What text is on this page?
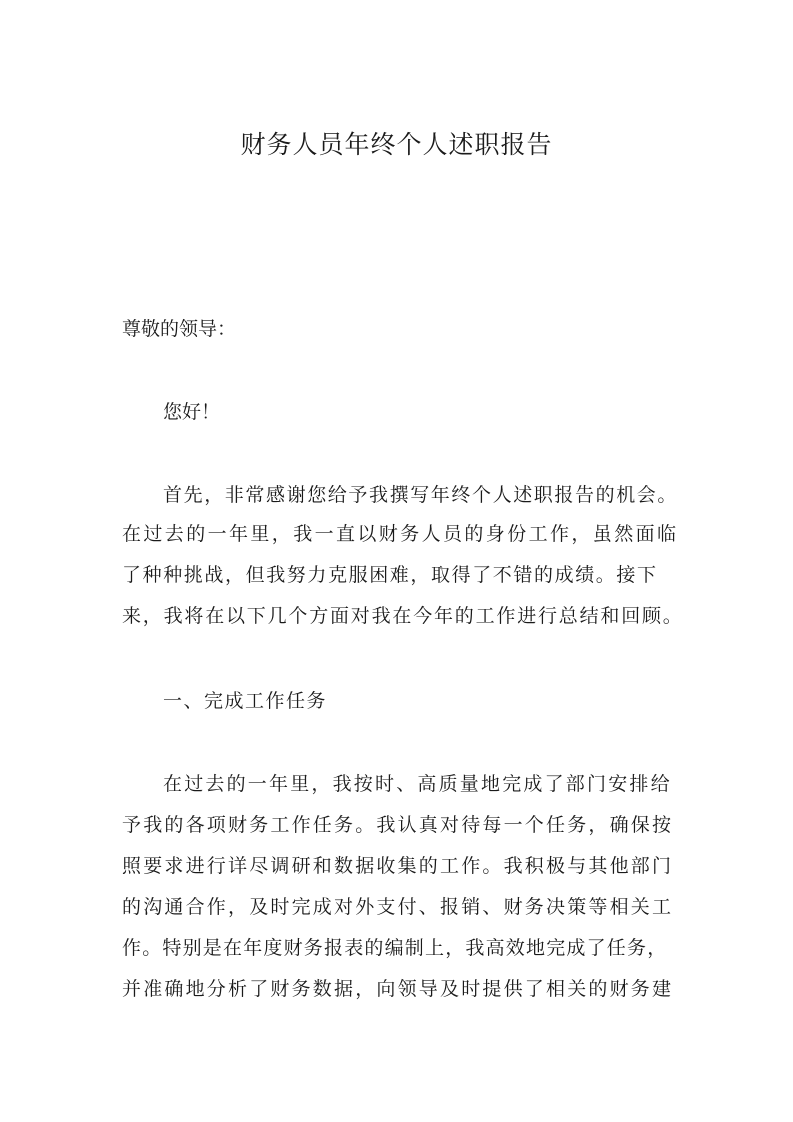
财务人员年终个人述职报告

尊敬的领导：

您好！

首先，非常感谢您给予我撰写年终个人述职报告的机会。

在过去的一年里，我一直以财务人员的身份工作，虽然面临

了种种挑战，但我努力克服困难，取得了不错的成绩。接下

来，我将在以下几个方面对我在今年的工作进行总结和回顾。

一、完成工作任务

在过去的一年里，我按时、高质量地完成了部门安排给

予我的各项财务工作任务。我认真对待每一个任务，确保按

照要求进行详尽调研和数据收集的工作。我积极与其他部门

的沟通合作，及时完成对外支付、报销、财务决策等相关工

作。特别是在年度财务报表的编制上，我高效地完成了任务，

并准确地分析了财务数据，向领导及时提供了相关的财务建
